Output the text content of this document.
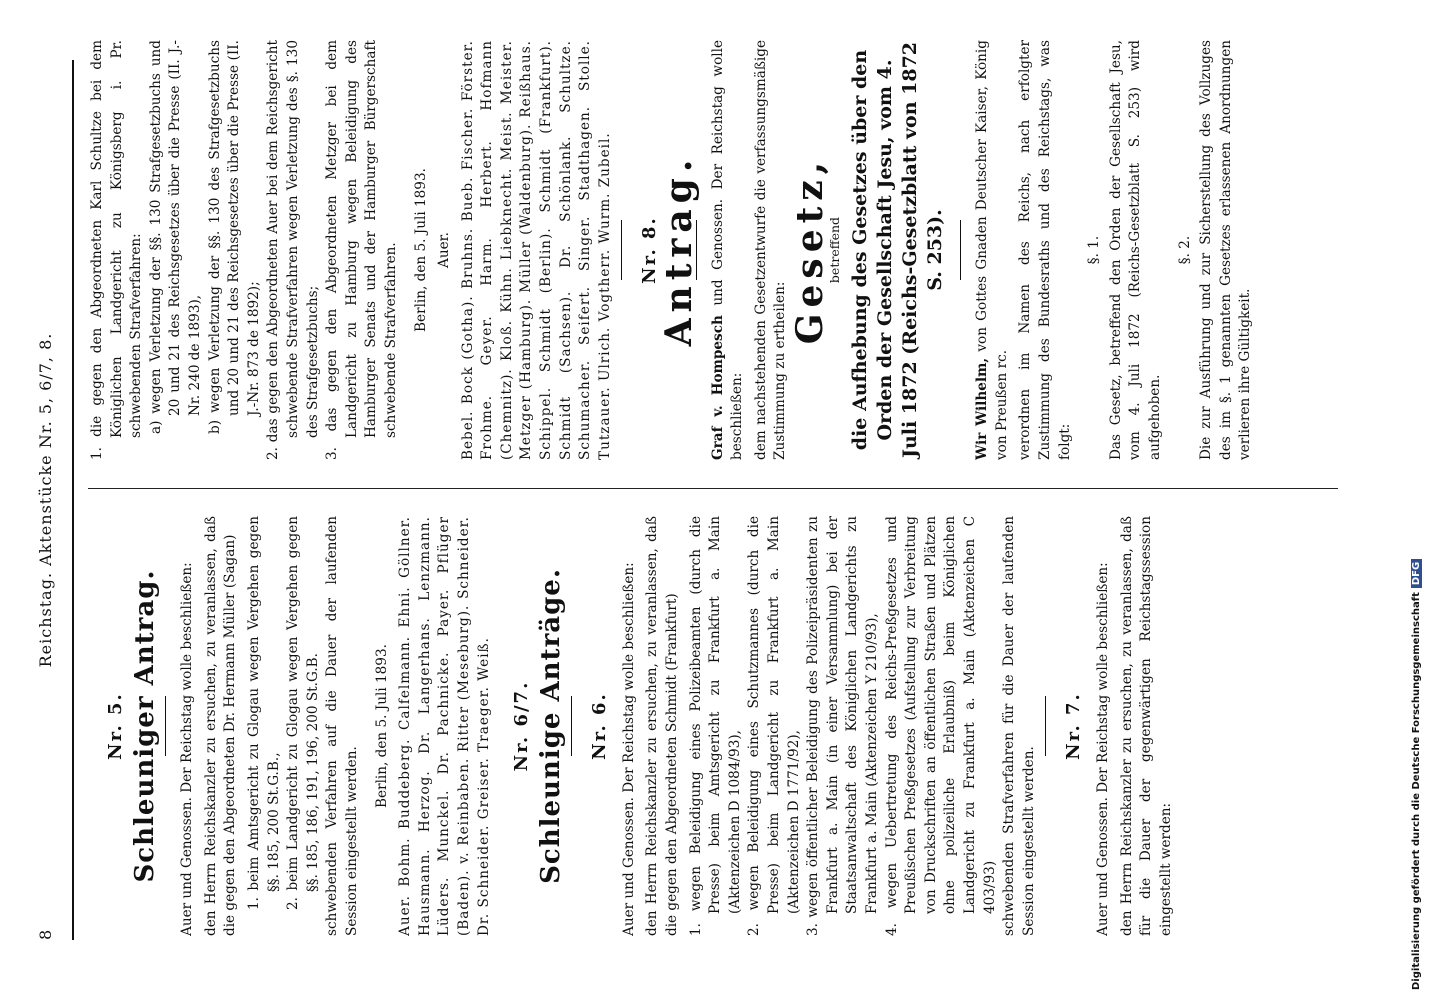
8
Reichstag. Aktenstücke Nr. 5, 6/7, 8.
Nr. 5. Schleuniger Antrag. Auer und Genossen. Der Reichstag wolle beschließen: den Herrn Reichskanzler zu ersuchen, zu veranlassen, daß die gegen den Abgeordneten Dr. Hermann Müller (Sagan) 1. beim Amtsgericht zu Glogau wegen Vergehen gegen §§. 185, 200 St.G.B., 2. beim Landgericht zu Glogau wegen Vergehen gegen §§. 185, 186, 191, 196, 200 St.G.B. schwebenden Verfahren auf die Dauer der laufenden Session eingestellt werden.

Berlin, den 5. Juli 1893. Auer. Bohm. Buddeberg. Calfelmann. Ehni. Göllner. Hausmann. Herzog. Dr. Langerhans. Lenzmann. Lüders. Munckel. Dr. Pachnicke. Payer. Pflüger (Baden). v. Reinbaben. Ritter (Meseburg). Schneider. Dr. Schneider. Greiser. Traeger. Weiß. Nr. 6/7. Schleunige Anträge. Nr. 6. Auer und Genossen. Der Reichstag wolle beschließen: den Herrn Reichskanzler zu ersuchen, zu veranlassen, daß die gegen den Abgeordneten Schmidt (Frankfurt) 1. wegen Beleidigung eines Polizeibeamten (durch die Presse) beim Amtsgericht zu Frankfurt a. Main (Aktenzeichen D 1084/93), 2. wegen Beleidigung eines Schutzmannes (durch die Presse) beim Landgericht zu Frankfurt a. Main (Aktenzeichen D 1771/92), 3. wegen öffentlicher Beleidigung des Polizeipräsidenten zu Frankfurt a. Main (in einer Versammlung) bei der Staatsanwaltschaft des Königlichen Landgerichts zu Frankfurt a. Main (Aktenzeichen Y 210/93), 4. wegen Uebertretung des Reichs-Preßgesetzes und Preußischen Preßgesetzes (Aufstellung zur Verbreitung von Druckschriften an öffentlichen Straßen und Plätzen ohne polizeiliche Erlaubniß) beim Königlichen Landgericht zu Frankfurt a. Main (Aktenzeichen C 403/93) schwebenden Strafverfahren für die Dauer der laufenden Session eingestellt werden.

Nr. 7. Auer und Genossen. Der Reichstag wolle beschließen: den Herrn Reichskanzler zu ersuchen, zu veranlassen, daß für die Dauer der gegenwärtigen Reichstagssession eingestellt werden:

1. die gegen den Abgeordneten Karl Schultze bei dem Königlichen Landgericht zu Königsberg i. Pr. schwebenden Strafverfahren: a) wegen Verletzung der §§. 130 Strafgesetzbuchs und 20 und 21 des Reichsgesetzes über die Presse (II. J.-Nr. 240 de 1893), b) wegen Verletzung der §§. 130 des Strafgesetzbuchs und 20 und 21 des Reichsgesetzes über die Presse (II. J.-Nr. 873 de 1892); 2. das gegen den Abgeordneten Auer bei dem Reichsgericht schwebende Strafverfahren wegen Verletzung des §. 130 des Strafgesetzbuchs; 3. das gegen den Abgeordneten Metzger bei dem Landgericht zu Hamburg wegen Beleidigung des Hamburger Senats und der Hamburger Bürgerschaft schwebende Strafverfahren. Berlin, den 5. Juli 1893. Auer. Bebel. Bock (Gotha). Bruhns. Bueb. Fischer. Förster. Frohme. Geyer. Harm. Herbert. Hofmann (Chemnitz). Kloß. Kühn. Liebknecht. Meist. Meister. Metzger (Hamburg). Müller (Waldenburg). Reißhaus. Schippel. Schmidt (Berlin). Schmidt (Frankfurt). Schmidt (Sachsen). Dr. Schönlank. Schultze. Schumacher. Seifert. Singer. Stadthagen. Stolle. Tutzauer. Ulrich. Vogtherr. Wurm. Zubeil. Nr. 8.
Antrag.

Graf v. Hompesch und Genossen. Der Reichstag wolle beschließen: dem nachstehenden Gesetzentwurfe die verfassungsmäßige Zustimmung zu ertheilen:

Gesetz,
betreffend die Aufhebung des Gesetzes über den Orden der Gesellschaft Jesu, vom 4. Juli 1872 (Reichs-Gesetzblatt von 1872 S. 253).

Wir Wilhelm, von Gottes Gnaden Deutscher Kaiser, König von Preußen rc. verordnen im Namen des Reichs, nach erfolgter Zustimmung des Bundesraths und des Reichstags, was folgt:

§. 1. Das Gesetz, betreffend den Orden der Gesellschaft Jesu, vom 4. Juli 1872 (Reichs-Gesetzblatt S. 253) wird aufgehoben.

§. 2. Die zur Ausführung und zur Sicherstellung des Vollzuges des im §. 1 genannten Gesetzes erlassenen Anordnungen verlieren ihre Gültigkeit.

Digitalisierung gefördert durch die Deutsche ForschungsgemeinschaftDFG
